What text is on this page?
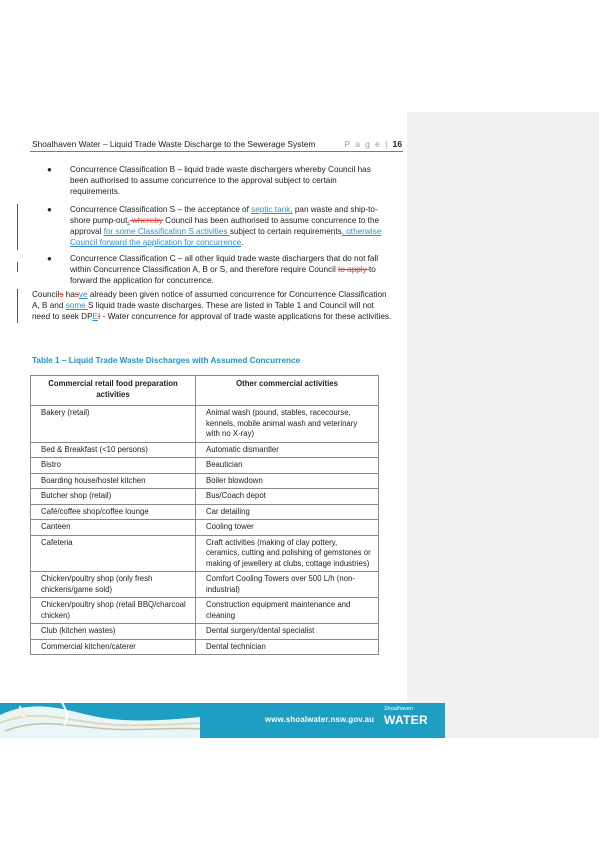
Shoalhaven Water – Liquid Trade Waste Discharge to the Sewerage System	P a g e | 16
● Concurrence Classification B – liquid trade waste dischargers whereby Council has been authorised to assume concurrence to the approval subject to certain requirements.
● Concurrence Classification S – the acceptance of septic tank, pan waste and ship-to-shore pump-out, whereby Council has been authorised to assume concurrence to the approval for some Classification S activities subject to certain requirements, otherwise Council forward the application for concurrence.
● Concurrence Classification C – all other liquid trade waste dischargers that do not fall within Concurrence Classification A, B or S, and therefore require Council to apply to forward the application for concurrence.
Councils hasve already been given notice of assumed concurrence for Concurrence Classification A, B and some S liquid trade waste discharges. These are listed in Table 1 and Council will not need to seek DPEI - Water concurrence for approval of trade waste applications for these activities.
Table 1 – Liquid Trade Waste Discharges with Assumed Concurrence
Commercial retail food preparation activities	Other commercial activities
Bakery (retail)	Animal wash (pound, stables, racecourse, kennels, mobile animal wash and veterinary with no X-ray)
Bed & Breakfast (<10 persons)	Automatic dismantler
Bistro	Beautician
Boarding house/hostel kitchen	Boiler blowdown
Butcher shop (retail)	Bus/Coach depot
Café/coffee shop/coffee lounge	Car detailing
Canteen	Cooling tower
Cafeteria	Craft activities (making of clay pottery, ceramics, cutting and polishing of gemstones or making of jewellery at clubs, cottage industries)
Chicken/poultry shop (only fresh chickens/game sold)	Comfort Cooling Towers over 500 L/h (non-industrial)
Chicken/poultry shop (retail BBQ/charcoal chicken)	Construction equipment maintenance and cleaning
Club (kitchen wastes)	Dental surgery/dental specialist
Commercial kitchen/caterer	Dental technician
www.shoalwater.nsw.gov.au
Shoalhaven
WATER
